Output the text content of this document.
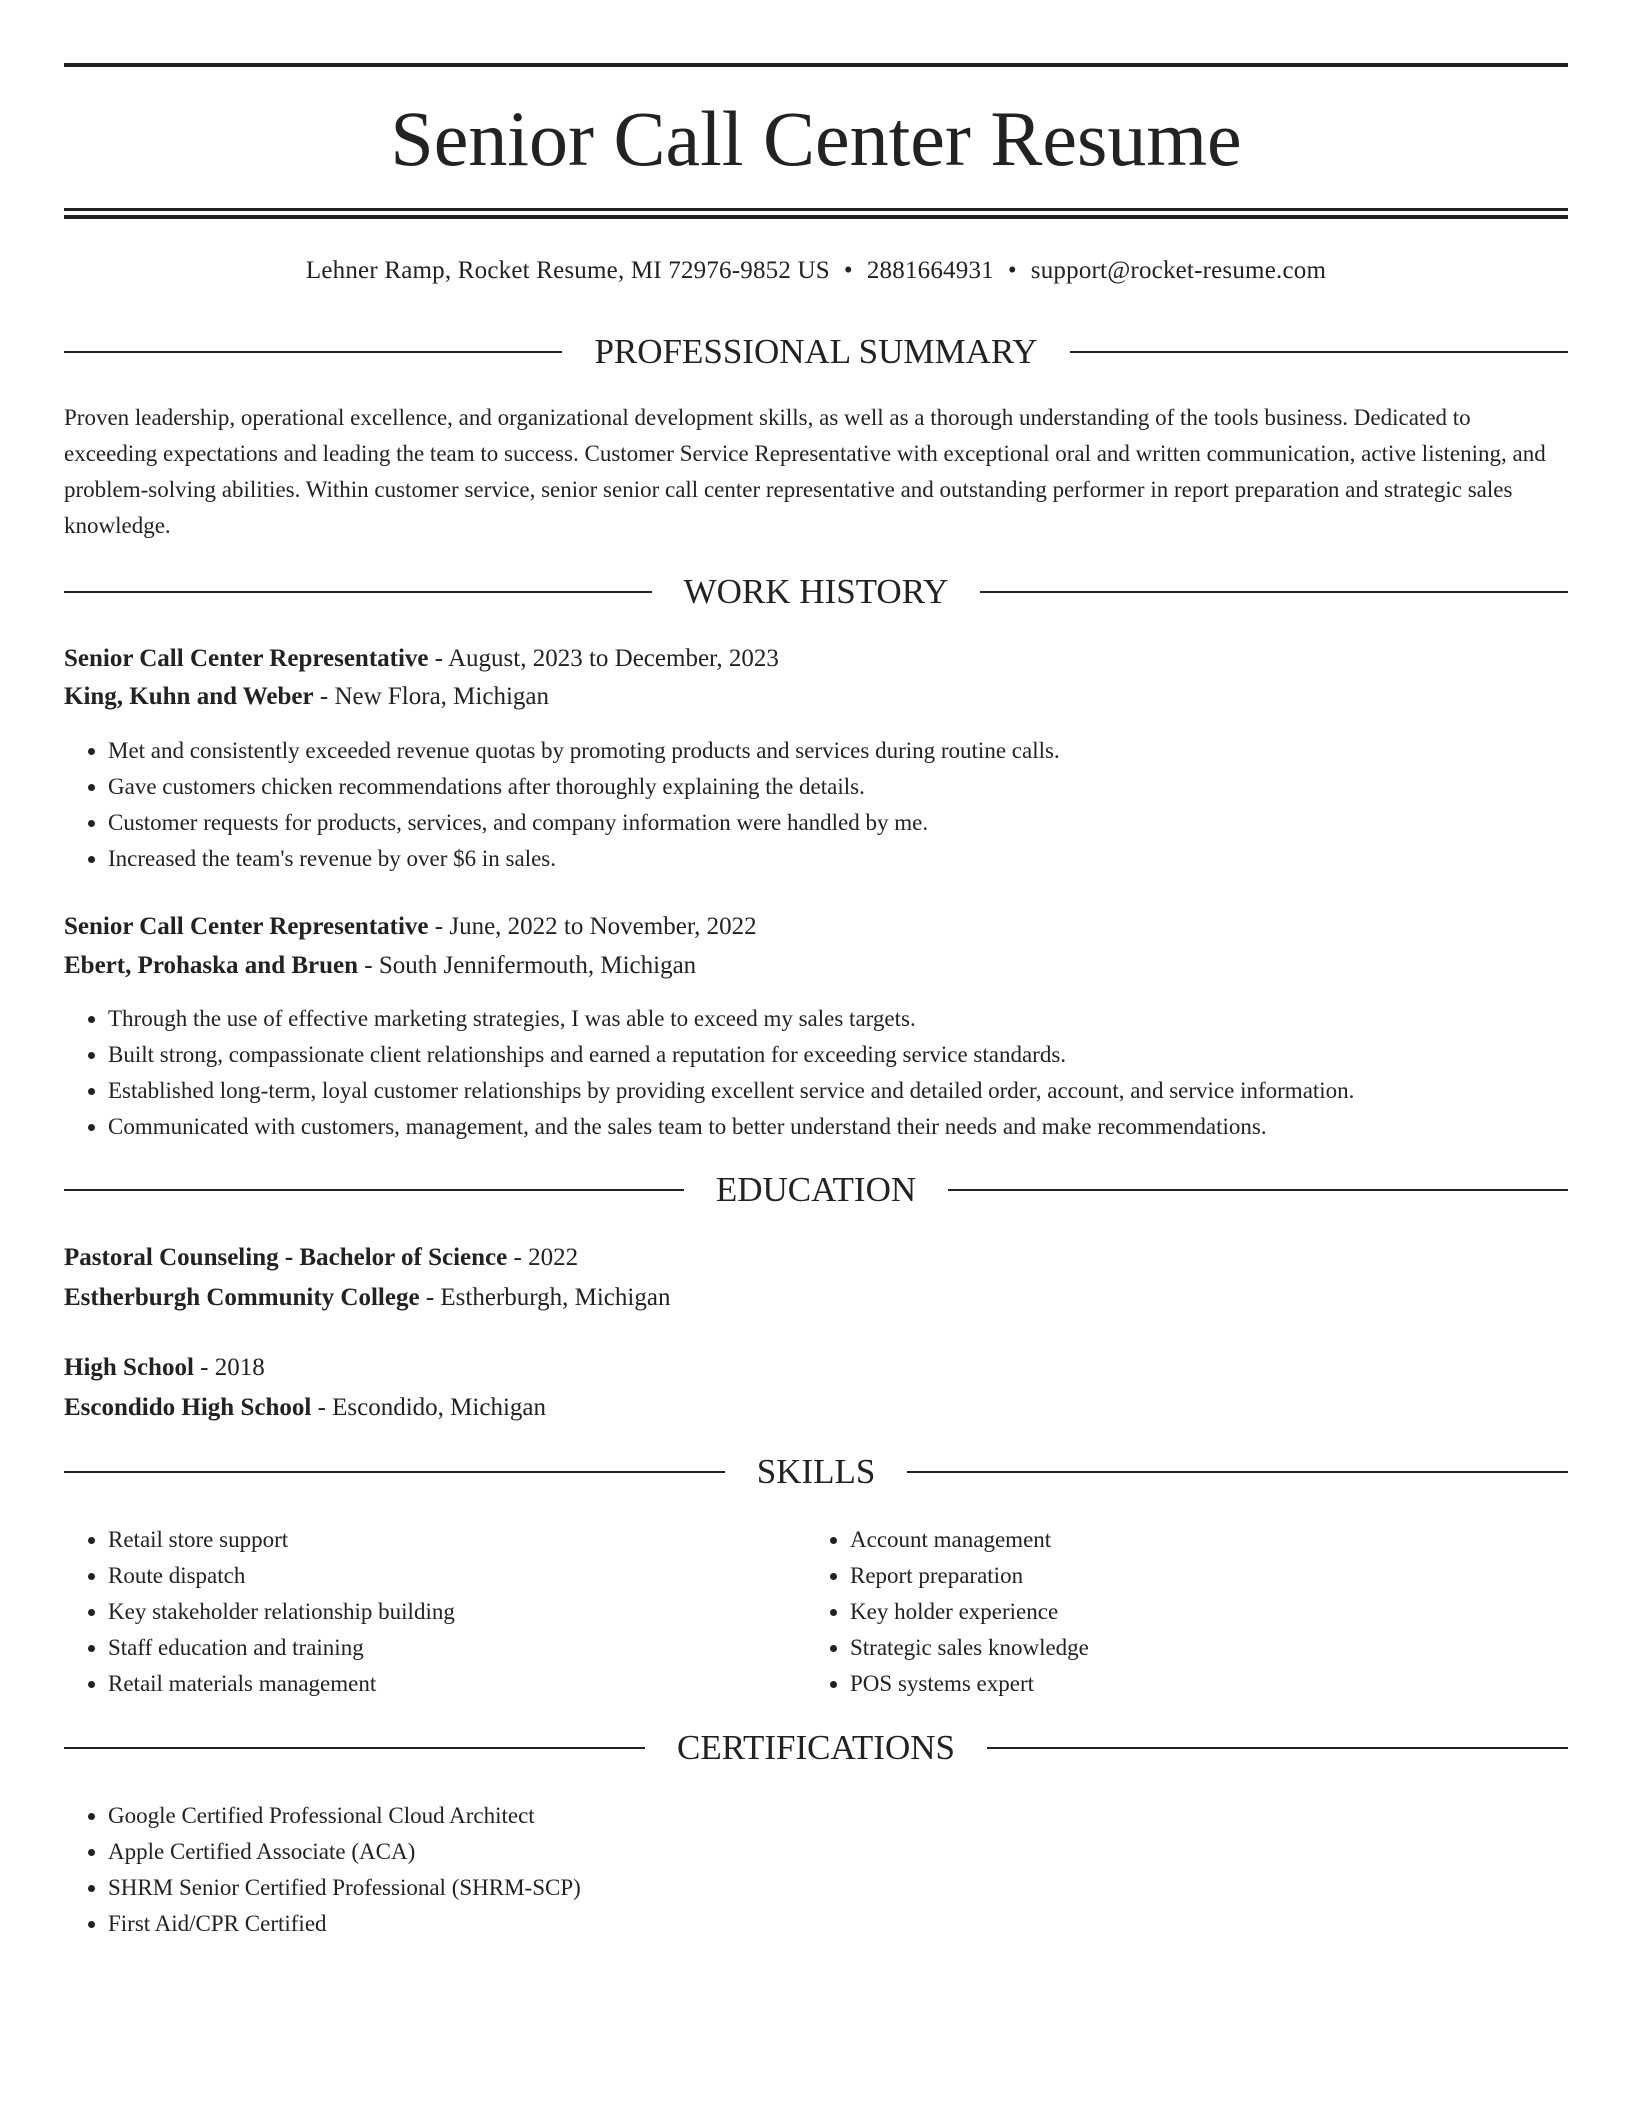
Senior Call Center Resume
Lehner Ramp, Rocket Resume, MI 72976-9852 US • 2881664931 • support@rocket-resume.com
PROFESSIONAL SUMMARY

Proven leadership, operational excellence, and organizational development skills, as well as a thorough understanding of the tools business. Dedicated to exceeding expectations and leading the team to success. Customer Service Representative with exceptional oral and written communication, active listening, and problem-solving abilities. Within customer service, senior senior call center representative and outstanding performer in report preparation and strategic sales knowledge.

WORK HISTORY
Senior Call Center Representative - August, 2023 to December, 2023
King, Kuhn and Weber - New Flora, Michigan
• Met and consistently exceeded revenue quotas by promoting products and services during routine calls.
• Gave customers chicken recommendations after thoroughly explaining the details.
• Customer requests for products, services, and company information were handled by me.
• Increased the team's revenue by over $6 in sales.
Senior Call Center Representative - June, 2022 to November, 2022
Ebert, Prohaska and Bruen - South Jennifermouth, Michigan
• Through the use of effective marketing strategies, I was able to exceed my sales targets.
• Built strong, compassionate client relationships and earned a reputation for exceeding service standards.
• Established long-term, loyal customer relationships by providing excellent service and detailed order, account, and service information.
• Communicated with customers, management, and the sales team to better understand their needs and make recommendations.
EDUCATION
Pastoral Counseling - Bachelor of Science - 2022
Estherburgh Community College - Estherburgh, Michigan
High School - 2018
Escondido High School - Escondido, Michigan
SKILLS
• Retail store support
• Route dispatch
• Key stakeholder relationship building
• Staff education and training
• Retail materials management
• Account management
• Report preparation
• Key holder experience
• Strategic sales knowledge
• POS systems expert
CERTIFICATIONS
• Google Certified Professional Cloud Architect
• Apple Certified Associate (ACA)
• SHRM Senior Certified Professional (SHRM-SCP)
• First Aid/CPR Certified
